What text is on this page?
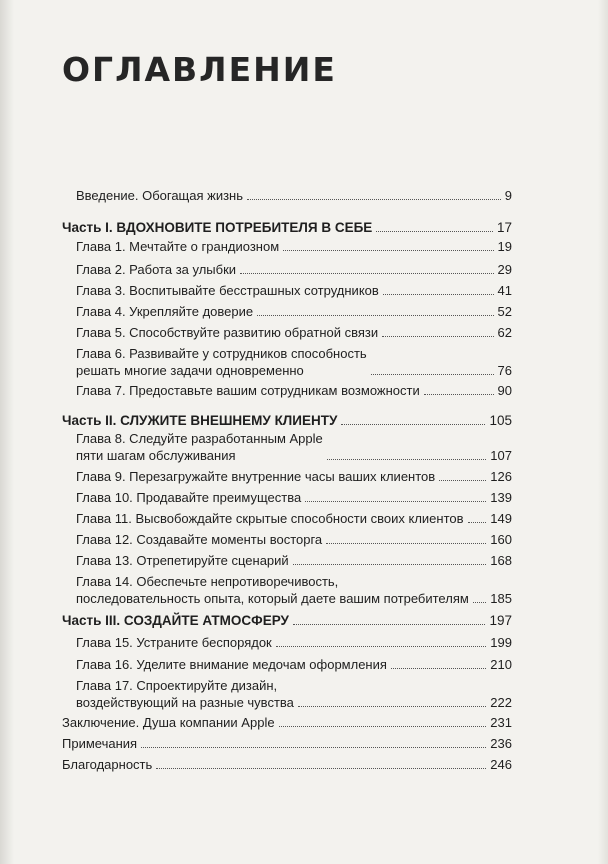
ОГЛАВЛЕНИЕ
Введение. Обогащая жизнь	9
Часть I. ВДОХНОВИТЕ ПОТРЕБИТЕЛЯ В СЕБЕ	17
Глава 1. Мечтайте о грандиозном	19
Глава 2. Работа за улыбки	29
Глава 3. Воспитывайте бесстрашных сотрудников	41
Глава 4. Укрепляйте доверие	52
Глава 5. Способствуйте развитию обратной связи	62
Глава 6. Развивайте у сотрудников способность
решать многие задачи одновременно	76
Глава 7. Предоставьте вашим сотрудникам возможности	90
Часть II. СЛУЖИТЕ ВНЕШНЕМУ КЛИЕНТУ	105
Глава 8. Следуйте разработанным Apple
пяти шагам обслуживания	107
Глава 9. Перезагружайте внутренние часы ваших клиентов	126
Глава 10. Продавайте преимущества	139
Глава 11. Высвобождайте скрытые способности своих клиентов 149
Глава 12. Создавайте моменты восторга	160
Глава 13. Отрепетируйте сценарий	168
Глава 14. Обеспечьте непротиворечивость,
последовательность опыта, который даете вашим потребителям 185
Часть III. СОЗДАЙТЕ АТМОСФЕРУ	197
Глава 15. Устраните беспорядок	199
Глава 16. Уделите внимание медочам оформления	210
Глава 17. Спроектируйте дизайн,
воздействующий на разные чувства	222
Заключение. Душа компании Apple	231
Примечания	236
Благодарность	246
